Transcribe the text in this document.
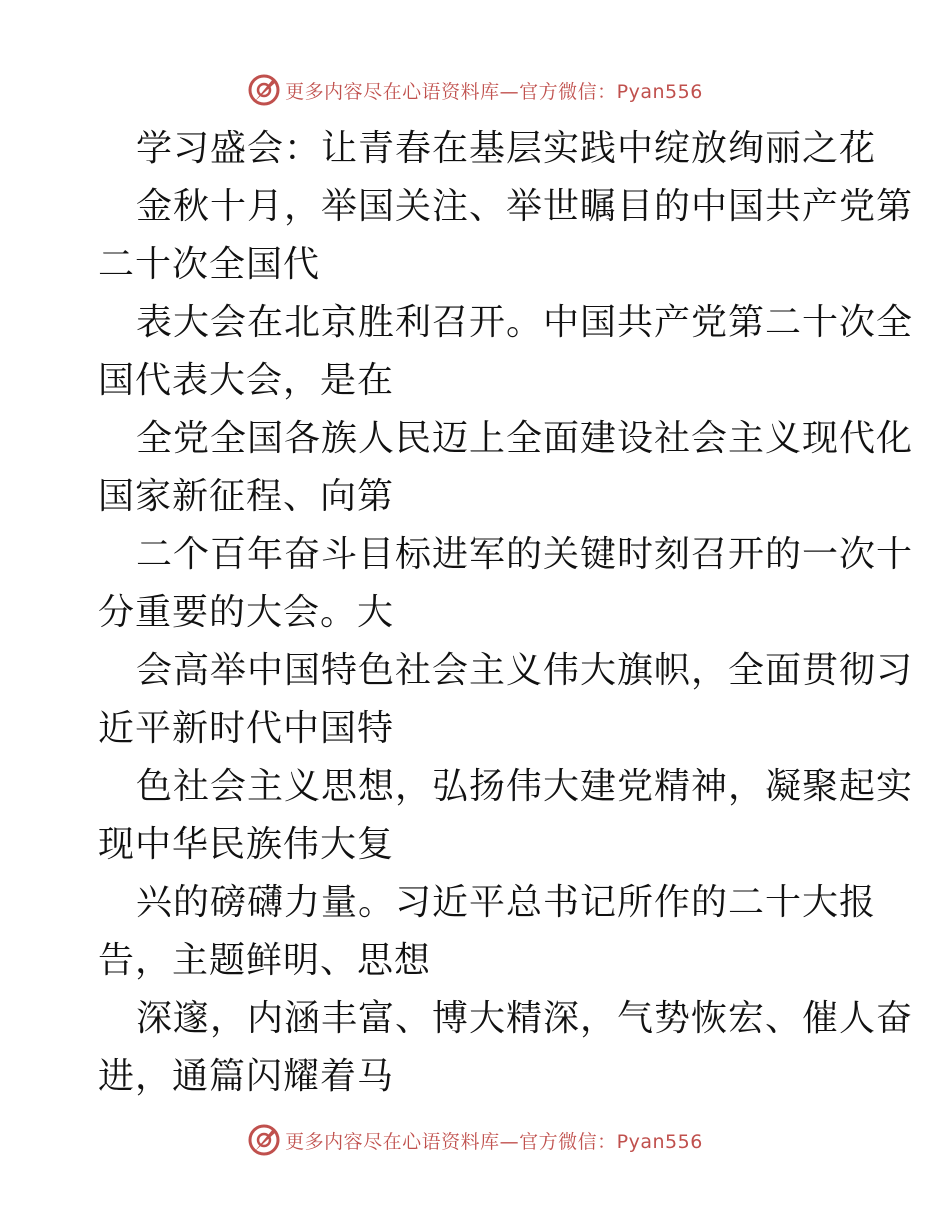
更多内容尽在心语资料库—官方微信：Pyan556
学习盛会：让青春在基层实践中绽放绚丽之花
金秋十月，举国关注、举世瞩目的中国共产党第
二十次全国代
表大会在北京胜利召开。中国共产党第二十次全
国代表大会，是在
全党全国各族人民迈上全面建设社会主义现代化
国家新征程、向第
二个百年奋斗目标进军的关键时刻召开的一次十
分重要的大会。大
会高举中国特色社会主义伟大旗帜，全面贯彻习
近平新时代中国特
色社会主义思想，弘扬伟大建党精神，凝聚起实
现中华民族伟大复
兴的磅礴力量。习近平总书记所作的二十大报
告，主题鲜明、思想
深邃，内涵丰富、博大精深，气势恢宏、催人奋
进，通篇闪耀着马
更多内容尽在心语资料库—官方微信：Pyan556
